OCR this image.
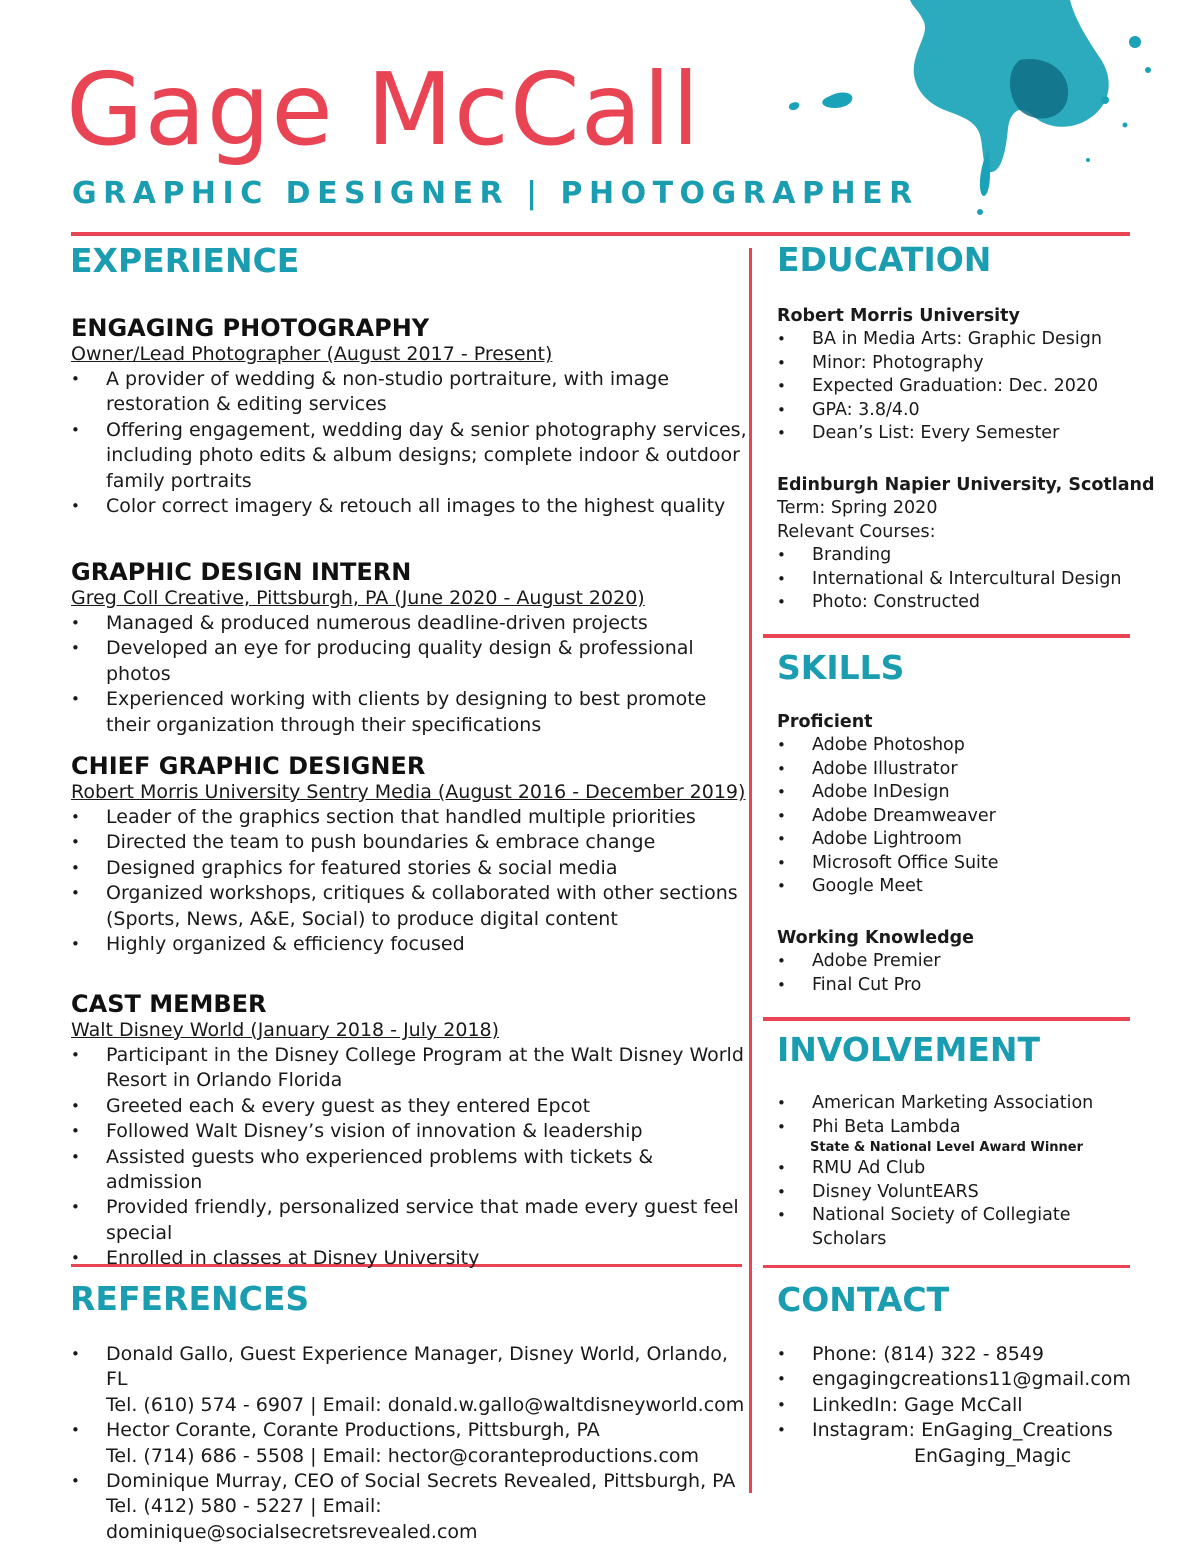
Gage McCall
GRAPHIC DESIGNER | PHOTOGRAPHER
EXPERIENCE
ENGAGING PHOTOGRAPHY
Owner/Lead Photographer (August 2017 - Present)
• A provider of wedding & non-studio portraiture, with image restoration & editing services
• Offering engagement, wedding day & senior photography services, including photo edits & album designs; complete indoor & outdoor family portraits
• Color correct imagery & retouch all images to the highest quality
GRAPHIC DESIGN INTERN
Greg Coll Creative, Pittsburgh, PA (June 2020 - August 2020)
• Managed & produced numerous deadline-driven projects
• Developed an eye for producing quality design & professional photos
• Experienced working with clients by designing to best promote their organization through their specifications
CHIEF GRAPHIC DESIGNER
Robert Morris University Sentry Media (August 2016 - December 2019)
• Leader of the graphics section that handled multiple priorities
• Directed the team to push boundaries & embrace change
• Designed graphics for featured stories & social media
• Organized workshops, critiques & collaborated with other sections (Sports, News, A&E, Social) to produce digital content
• Highly organized & efficiency focused
CAST MEMBER
Walt Disney World (January 2018 - July 2018)
• Participant in the Disney College Program at the Walt Disney World Resort in Orlando Florida
• Greeted each & every guest as they entered Epcot
• Followed Walt Disney’s vision of innovation & leadership
• Assisted guests who experienced problems with tickets & admission
• Provided friendly, personalized service that made every guest feel special
• Enrolled in classes at Disney University
REFERENCES
• Donald Gallo, Guest Experience Manager, Disney World, Orlando, FL
Tel. (610) 574 - 6907 | Email: donald.w.gallo@waltdisneyworld.com
• Hector Corante, Corante Productions, Pittsburgh, PA
Tel. (714) 686 - 5508 | Email: hector@coranteproductions.com
• Dominique Murray, CEO of Social Secrets Revealed, Pittsburgh, PA
Tel. (412) 580 - 5227 | Email: dominique@socialsecretsrevealed.com
EDUCATION
Robert Morris University
• BA in Media Arts: Graphic Design
• Minor: Photography
• Expected Graduation: Dec. 2020
• GPA: 3.8/4.0
• Dean’s List: Every Semester
Edinburgh Napier University, Scotland
Term: Spring 2020
Relevant Courses:
• Branding
• International & Intercultural Design
• Photo: Constructed
SKILLS
Proficient
• Adobe Photoshop
• Adobe Illustrator
• Adobe InDesign
• Adobe Dreamweaver
• Adobe Lightroom
• Microsoft Office Suite
• Google Meet
Working Knowledge
• Adobe Premier
• Final Cut Pro
INVOLVEMENT
• American Marketing Association
• Phi Beta Lambda
State & National Level Award Winner
• RMU Ad Club
• Disney VoluntEARS
• National Society of Collegiate Scholars
CONTACT
• Phone: (814) 322 - 8549
• engagingcreations11@gmail.com
• LinkedIn: Gage McCall
• Instagram: EnGaging_Creations
EnGaging_Magic
